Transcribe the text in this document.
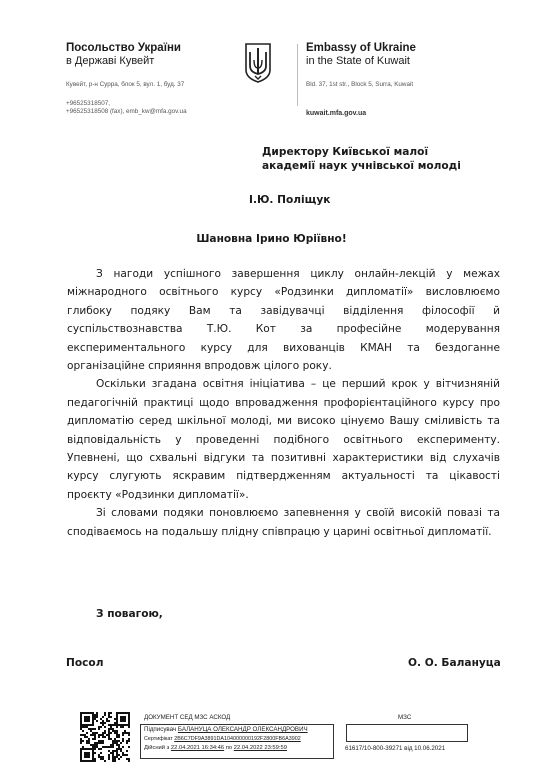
Посольство України
в Державі Кувейт
Кувейт, р-н Сурра, блок 5, вул. 1, буд. 37
+96525318507,
+96525318508 (fax), emb_kw@mfa.gov.ua
Embassy of Ukraine
in the State of Kuwait
Bld. 37, 1st str., Block 5, Surra, Kuwait
kuwait.mfa.gov.ua
Директору Київської малої
академії наук учнівської молоді
І.Ю. Поліщук
Шановна Ірино Юріївно!

З нагоди успішного завершення циклу онлайн-лекцій у межах міжнародного освітнього курсу «Родзинки дипломатії» висловлюємо глибоку подяку Вам та завідувачці відділення філософії й суспільствознавства Т.Ю. Кот за професійне модерування експериментального курсу для вихованців КМАН та бездоганне організаційне сприяння впродовж цілого року.

Оскільки згадана освітня ініціатива – це перший крок у вітчизняній педагогічній практиці щодо впровадження профорієнтаційного курсу про дипломатію серед шкільної молоді, ми високо цінуємо Вашу сміливість та відповідальність у проведенні подібного освітнього експерименту. Упевнені, що схвальні відгуки та позитивні характеристики від слухачів курсу слугують яскравим підтвердженням актуальності та цікавості проєкту «Родзинки дипломатії».

Зі словами подяки поновлюємо запевнення у своїй високій повазі та сподіваємось на подальшу плідну співпрацю у царині освітньої дипломатії.

З повагою,
Посол	О. О. Балануца
ДОКУМЕНТ СЕД МЗС АСКОД
Підписувач БАЛАНУЦА ОЛЕКСАНДР ОЛЕКСАНДРОВИЧ
Сертифікат 2B6C7DF9A3891DA104000000192F2800FB6A3902
Дійсний з 22.04.2021 16:34:46 по 22.04.2022 23:59:59
МЗС
61617/10-800-39271 від 10.06.2021
